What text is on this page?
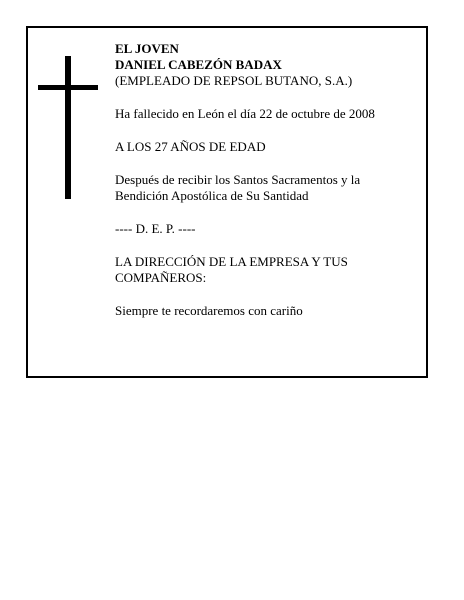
EL JOVEN

DANIEL CABEZÓN BADAX

(EMPLEADO DE REPSOL BUTANO, S.A.)

Ha fallecido en León el día 22 de octubre de 2008

A LOS 27 AÑOS DE EDAD

Después de recibir los Santos Sacramentos y la

Bendición Apostólica de Su Santidad

---- D. E. P. ----

LA DIRECCIÓN DE LA EMPRESA Y TUS

COMPAÑEROS:

Siempre te recordaremos con cariño
